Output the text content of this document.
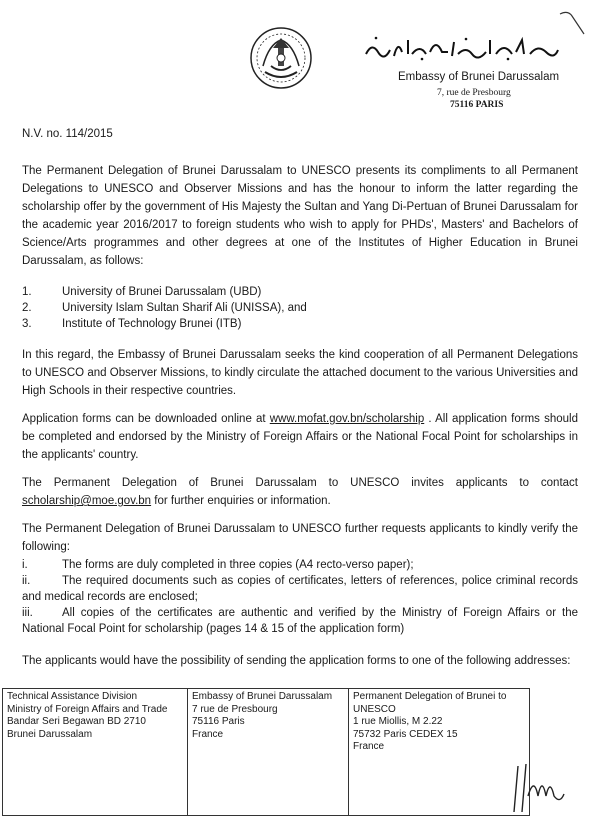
Embassy of Brunei Darussalam
7, rue de Presbourg
75116 PARIS
N.V. no. 114/2015

The Permanent Delegation of Brunei Darussalam to UNESCO presents its compliments to all Permanent Delegations to UNESCO and Observer Missions and has the honour to inform the latter regarding the scholarship offer by the government of His Majesty the Sultan and Yang Di-Pertuan of Brunei Darussalam for the academic year 2016/2017 to foreign students who wish to apply for PHDs', Masters' and Bachelors of Science/Arts programmes and other degrees at one of the Institutes of Higher Education in Brunei Darussalam, as follows:

1.	University of Brunei Darussalam (UBD)
2.	University Islam Sultan Sharif Ali (UNISSA), and
3.	Institute of Technology Brunei (ITB)

In this regard, the Embassy of Brunei Darussalam seeks the kind cooperation of all Permanent Delegations to UNESCO and Observer Missions, to kindly circulate the attached document to the various Universities and High Schools in their respective countries.

Application forms can be downloaded online at www.mofat.gov.bn/scholarship . All application forms should be completed and endorsed by the Ministry of Foreign Affairs or the National Focal Point for scholarships in the applicants' country.

The Permanent Delegation of Brunei Darussalam to UNESCO invites applicants to contact scholarship@moe.gov.bn for further enquiries or information.

The Permanent Delegation of Brunei Darussalam to UNESCO further requests applicants to kindly verify the following:

i.	The forms are duly completed in three copies (A4 recto-verso paper);
ii.	The required documents such as copies of certificates, letters of references, police criminal records and medical records are enclosed;
iii.	All copies of the certificates are authentic and verified by the Ministry of Foreign Affairs or the National Focal Point for scholarship (pages 14 & 15 of the application form)

The applicants would have the possibility of sending the application forms to one of the following addresses:

Technical Assistance Division
Ministry of Foreign Affairs and Trade
Bandar Seri Begawan BD 2710
Brunei Darussalam

Embassy of Brunei Darussalam
7 rue de Presbourg
75116 Paris
France

Permanent Delegation of Brunei to UNESCO
1 rue Miollis, M 2.22
75732 Paris CEDEX 15
France
